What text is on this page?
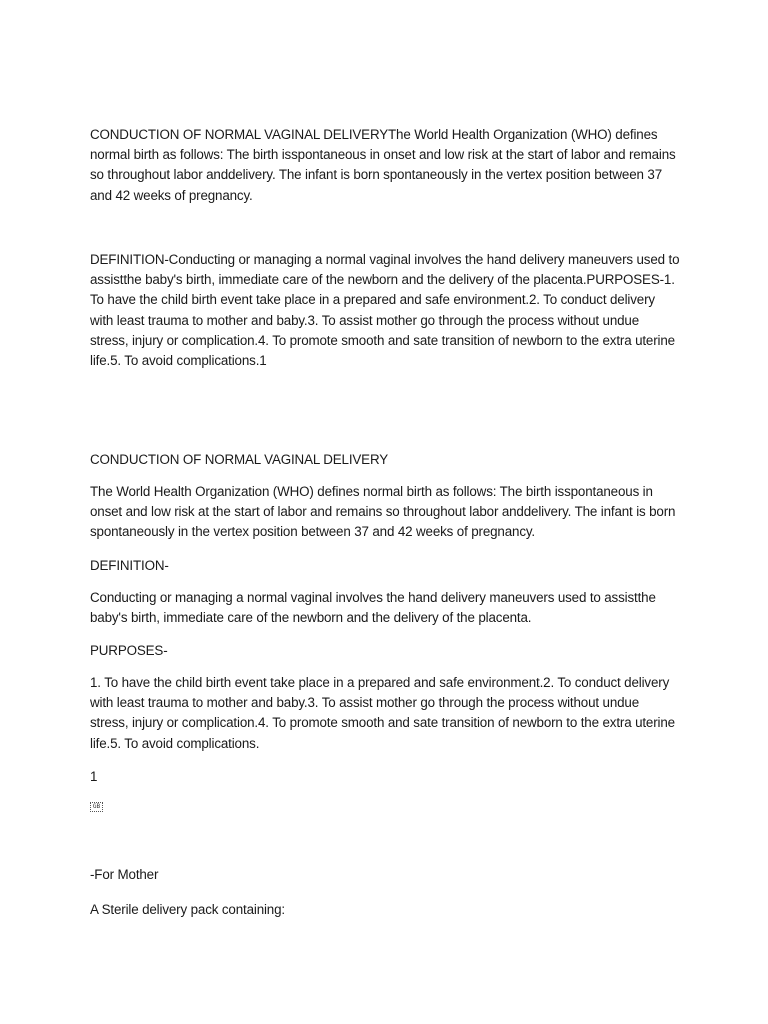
CONDUCTION OF NORMAL VAGINAL DELIVERYThe World Health Organization (WHO) defines normal birth as follows: The birth isspontaneous in onset and low risk at the start of labor and remains so throughout labor anddelivery. The infant is born spontaneously in the vertex position between 37 and 42 weeks of pregnancy.

DEFINITION-Conducting or managing a normal vaginal involves the hand delivery maneuvers used to assistthe baby's birth, immediate care of the newborn and the delivery of the placenta.PURPOSES-1. To have the child birth event take place in a prepared and safe environment.2. To conduct delivery with least trauma to mother and baby.3. To assist mother go through the process without undue stress, injury or complication.4. To promote smooth and sate transition of newborn to the extra uterine life.5. To avoid complications.1

CONDUCTION OF NORMAL VAGINAL DELIVERY

The World Health Organization (WHO) defines normal birth as follows: The birth isspontaneous in onset and low risk at the start of labor and remains so throughout labor anddelivery. The infant is born spontaneously in the vertex position between 37 and 42 weeks of pregnancy.

DEFINITION-

Conducting or managing a normal vaginal involves the hand delivery maneuvers used to assistthe baby's birth, immediate care of the newborn and the delivery of the placenta.

PURPOSES-

1. To have the child birth event take place in a prepared and safe environment.2. To conduct delivery with least trauma to mother and baby.3. To assist mother go through the process without undue stress, injury or complication.4. To promote smooth and sate transition of newborn to the extra uterine life.5. To avoid complications.

1

GB

-For Mother

A Sterile delivery pack containing:
